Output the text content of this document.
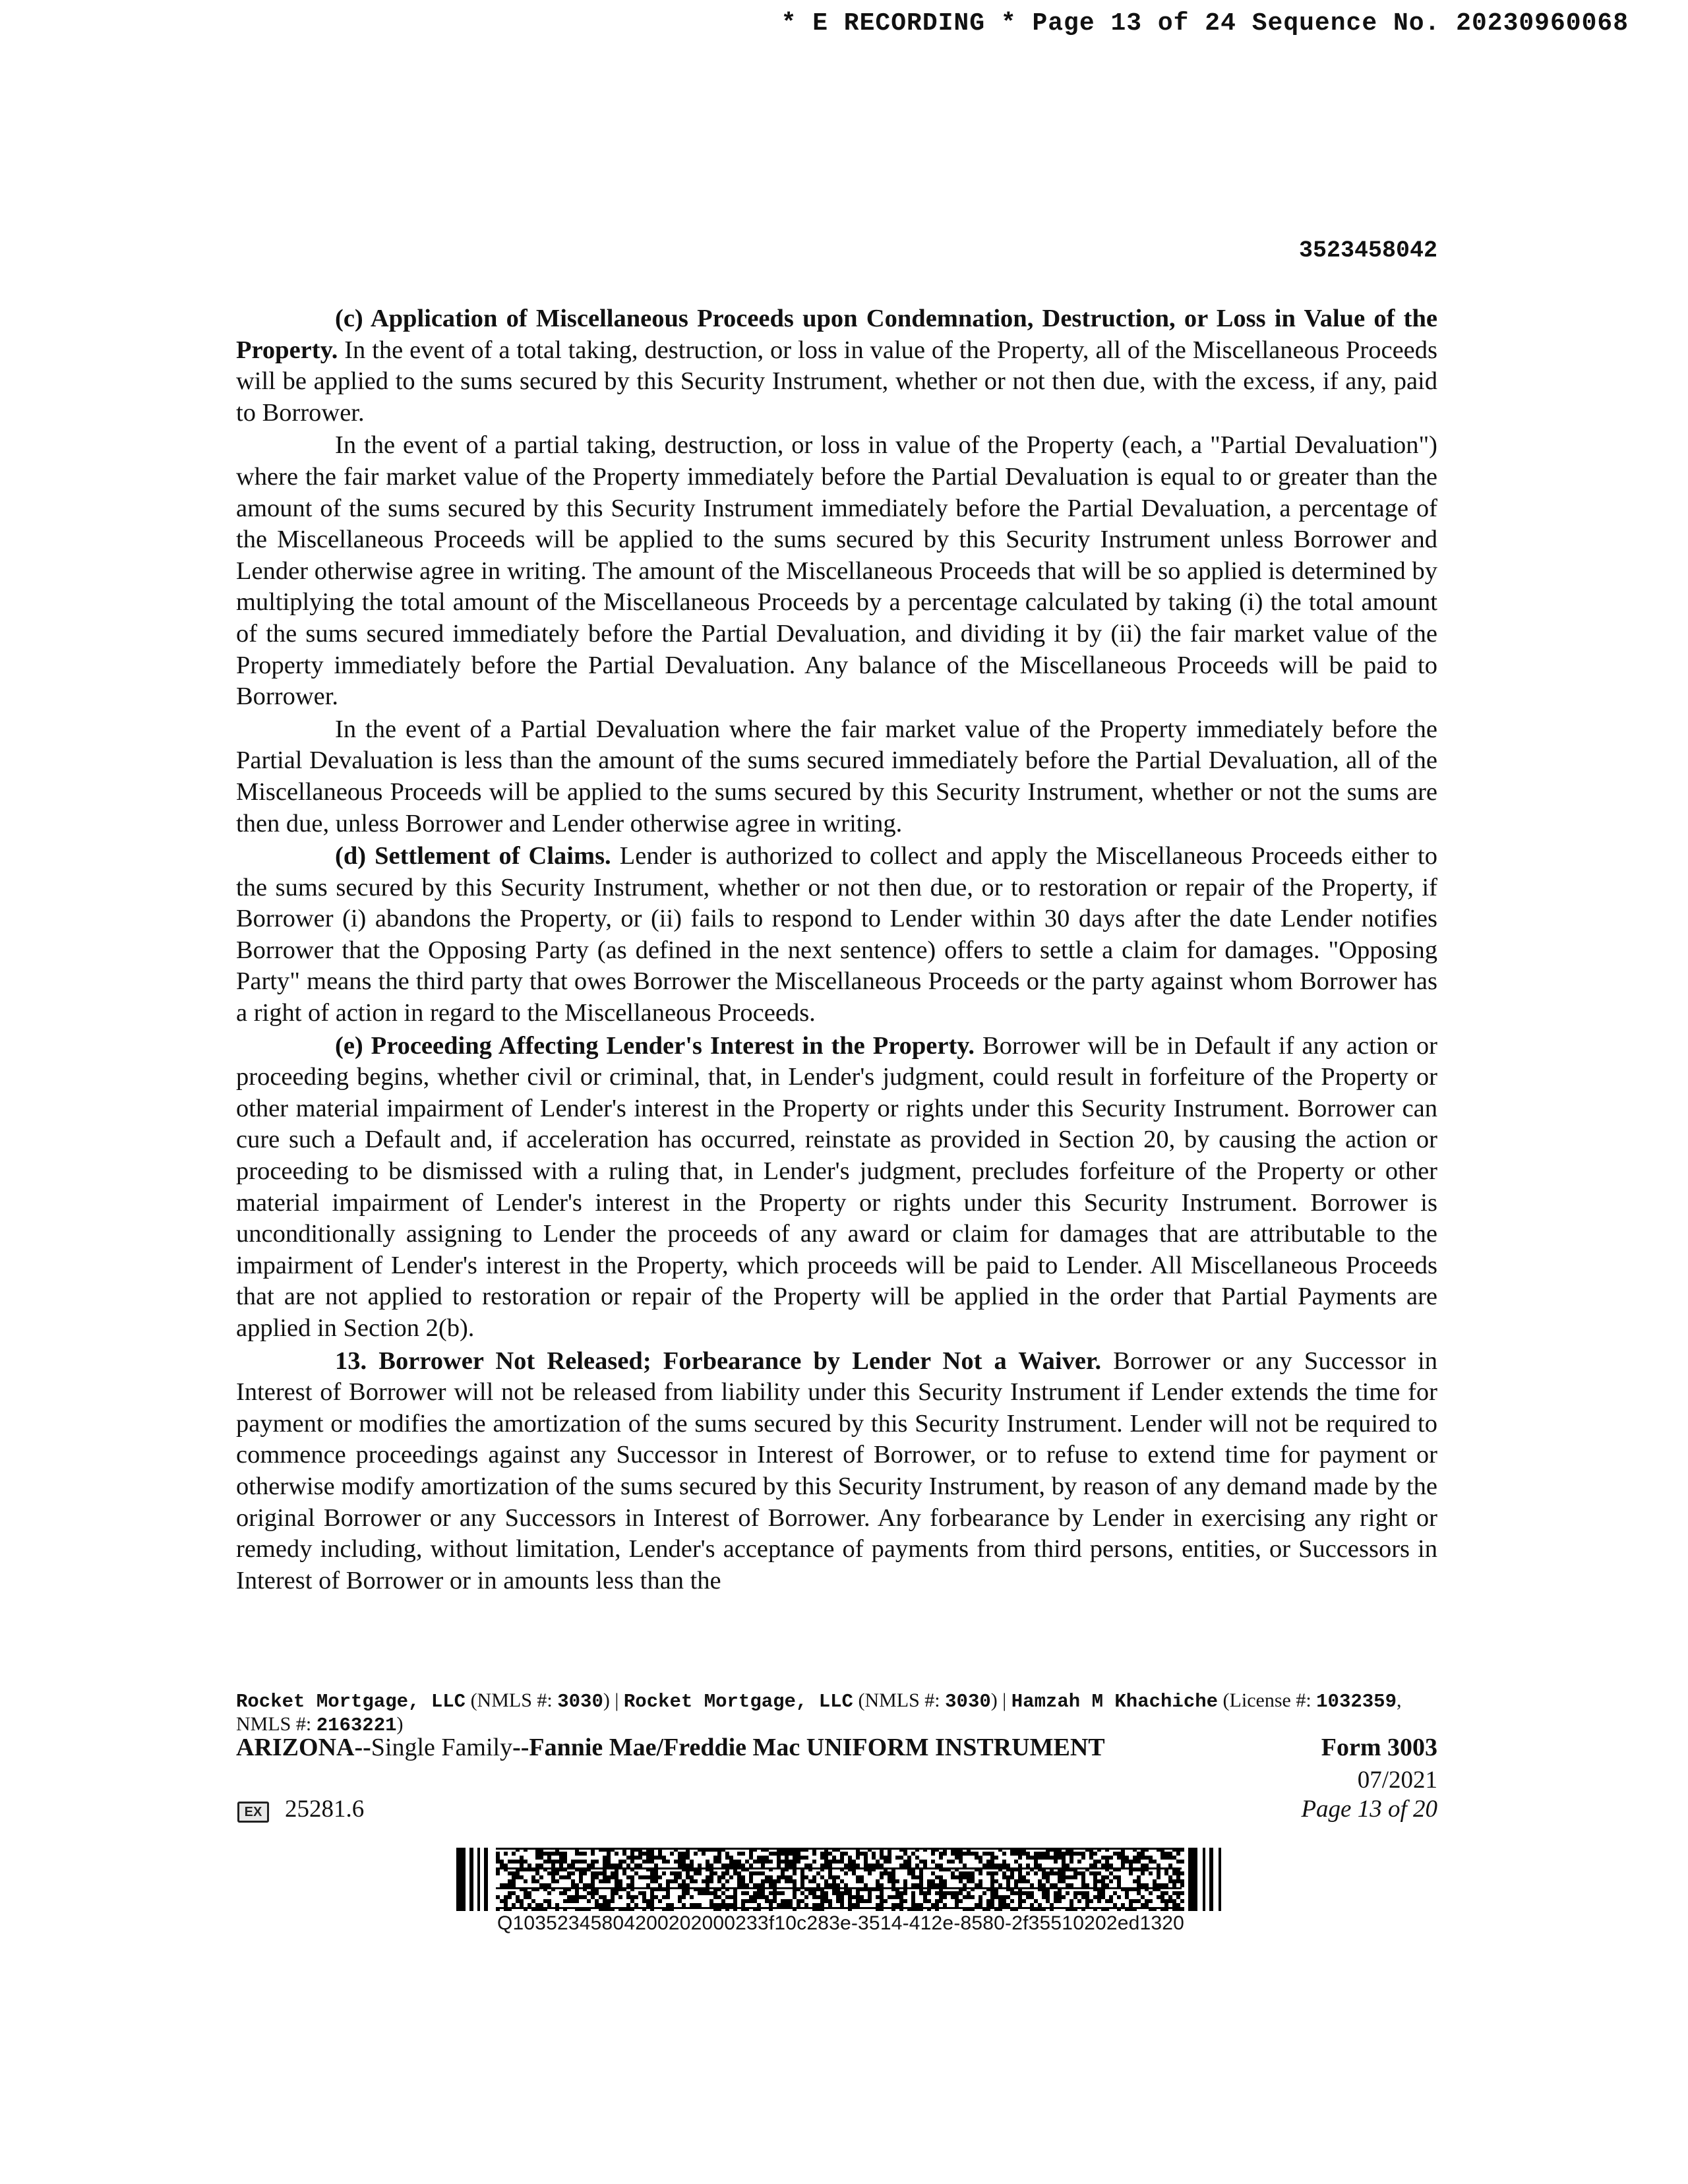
* E RECORDING * Page 13 of 24 Sequence No. 20230960068
3523458042

(c) Application of Miscellaneous Proceeds upon Condemnation, Destruction, or Loss in Value of the Property. In the event of a total taking, destruction, or loss in value of the Property, all of the Miscellaneous Proceeds will be applied to the sums secured by this Security Instrument, whether or not then due, with the excess, if any, paid to Borrower.

In the event of a partial taking, destruction, or loss in value of the Property (each, a "Partial Devaluation") where the fair market value of the Property immediately before the Partial Devaluation is equal to or greater than the amount of the sums secured by this Security Instrument immediately before the Partial Devaluation, a percentage of the Miscellaneous Proceeds will be applied to the sums secured by this Security Instrument unless Borrower and Lender otherwise agree in writing. The amount of the Miscellaneous Proceeds that will be so applied is determined by multiplying the total amount of the Miscellaneous Proceeds by a percentage calculated by taking (i) the total amount of the sums secured immediately before the Partial Devaluation, and dividing it by (ii) the fair market value of the Property immediately before the Partial Devaluation. Any balance of the Miscellaneous Proceeds will be paid to Borrower.

In the event of a Partial Devaluation where the fair market value of the Property immediately before the Partial Devaluation is less than the amount of the sums secured immediately before the Partial Devaluation, all of the Miscellaneous Proceeds will be applied to the sums secured by this Security Instrument, whether or not the sums are then due, unless Borrower and Lender otherwise agree in writing.

(d) Settlement of Claims. Lender is authorized to collect and apply the Miscellaneous Proceeds either to the sums secured by this Security Instrument, whether or not then due, or to restoration or repair of the Property, if Borrower (i) abandons the Property, or (ii) fails to respond to Lender within 30 days after the date Lender notifies Borrower that the Opposing Party (as defined in the next sentence) offers to settle a claim for damages. "Opposing Party" means the third party that owes Borrower the Miscellaneous Proceeds or the party against whom Borrower has a right of action in regard to the Miscellaneous Proceeds.

(e) Proceeding Affecting Lender's Interest in the Property. Borrower will be in Default if any action or proceeding begins, whether civil or criminal, that, in Lender's judgment, could result in forfeiture of the Property or other material impairment of Lender's interest in the Property or rights under this Security Instrument. Borrower can cure such a Default and, if acceleration has occurred, reinstate as provided in Section 20, by causing the action or proceeding to be dismissed with a ruling that, in Lender's judgment, precludes forfeiture of the Property or other material impairment of Lender's interest in the Property or rights under this Security Instrument. Borrower is unconditionally assigning to Lender the proceeds of any award or claim for damages that are attributable to the impairment of Lender's interest in the Property, which proceeds will be paid to Lender. All Miscellaneous Proceeds that are not applied to restoration or repair of the Property will be applied in the order that Partial Payments are applied in Section 2(b).

13. Borrower Not Released; Forbearance by Lender Not a Waiver. Borrower or any Successor in Interest of Borrower will not be released from liability under this Security Instrument if Lender extends the time for payment or modifies the amortization of the sums secured by this Security Instrument. Lender will not be required to commence proceedings against any Successor in Interest of Borrower, or to refuse to extend time for payment or otherwise modify amortization of the sums secured by this Security Instrument, by reason of any demand made by the original Borrower or any Successors in Interest of Borrower. Any forbearance by Lender in exercising any right or remedy including, without limitation, Lender's acceptance of payments from third persons, entities, or Successors in Interest of Borrower or in amounts less than the

Rocket Mortgage, LLC (NMLS #: 3030) | Rocket Mortgage, LLC (NMLS #: 3030) | Hamzah M Khachiche (License #: 1032359, NMLS #: 2163221)
ARIZONA--Single Family--Fannie Mae/Freddie Mac UNIFORM INSTRUMENT	Form 3003
07/2021
Page 13 of 20
EX 25281.6
Q10352345804200202000233f10c283e-3514-412e-8580-2f35510202ed1320
